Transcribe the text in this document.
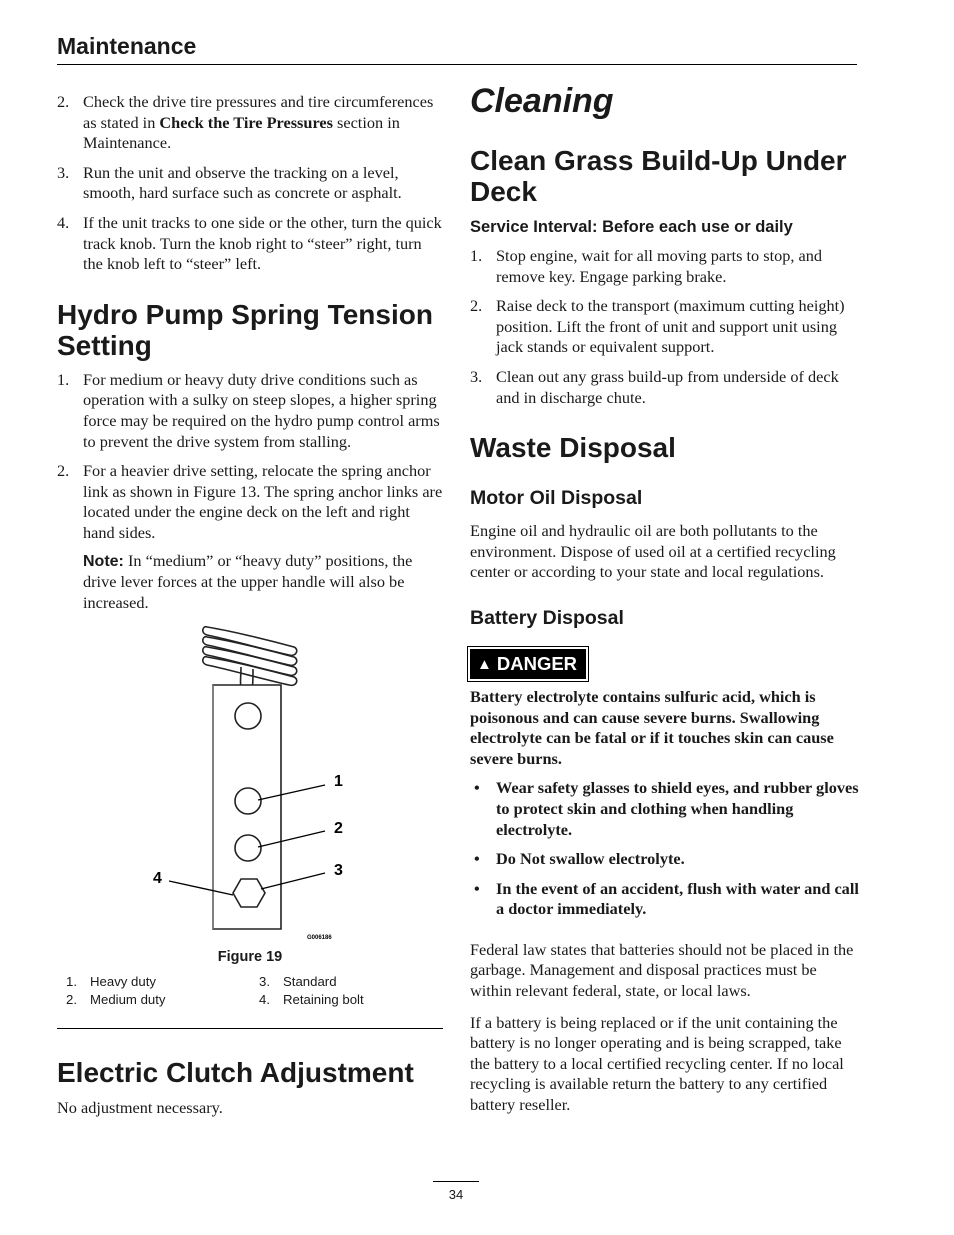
Maintenance
2. Check the drive tire pressures and tire circumferences as stated in Check the Tire Pressures section in Maintenance.
3. Run the unit and observe the tracking on a level, smooth, hard surface such as concrete or asphalt.
4. If the unit tracks to one side or the other, turn the quick track knob. Turn the knob right to “steer” right, turn the knob left to “steer” left.
Hydro Pump Spring Tension Setting
1. For medium or heavy duty drive conditions such as operation with a sulky on steep slopes, a higher spring force may be required on the hydro pump control arms to prevent the drive system from stalling.
2. For a heavier drive setting, relocate the spring anchor link as shown in Figure 13. The spring anchor links are located under the engine deck on the left and right hand sides.
Note: In “medium” or “heavy duty” positions, the drive lever forces at the upper handle will also be increased.
1
2
3
4
G006186
Figure 19
1. Heavy duty	3. Standard
2. Medium duty	4. Retaining bolt
Electric Clutch Adjustment

No adjustment necessary.

Cleaning
Clean Grass Build-Up Under Deck
Service Interval: Before each use or daily
1. Stop engine, wait for all moving parts to stop, and remove key. Engage parking brake.
2. Raise deck to the transport (maximum cutting height) position. Lift the front of unit and support unit using jack stands or equivalent support.
3. Clean out any grass build-up from underside of deck and in discharge chute.
Waste Disposal
Motor Oil Disposal

Engine oil and hydraulic oil are both pollutants to the environment. Dispose of used oil at a certified recycling center or according to your state and local regulations.

Battery Disposal
▲ DANGER

Battery electrolyte contains sulfuric acid, which is poisonous and can cause severe burns. Swallowing electrolyte can be fatal or if it touches skin can cause severe burns.

• Wear safety glasses to shield eyes, and rubber gloves to protect skin and clothing when handling electrolyte.
• Do Not swallow electrolyte.
• In the event of an accident, flush with water and call a doctor immediately.

Federal law states that batteries should not be placed in the garbage. Management and disposal practices must be within relevant federal, state, or local laws.

If a battery is being replaced or if the unit containing the battery is no longer operating and is being scrapped, take the battery to a local certified recycling center. If no local recycling is available return the battery to any certified battery reseller.

34
